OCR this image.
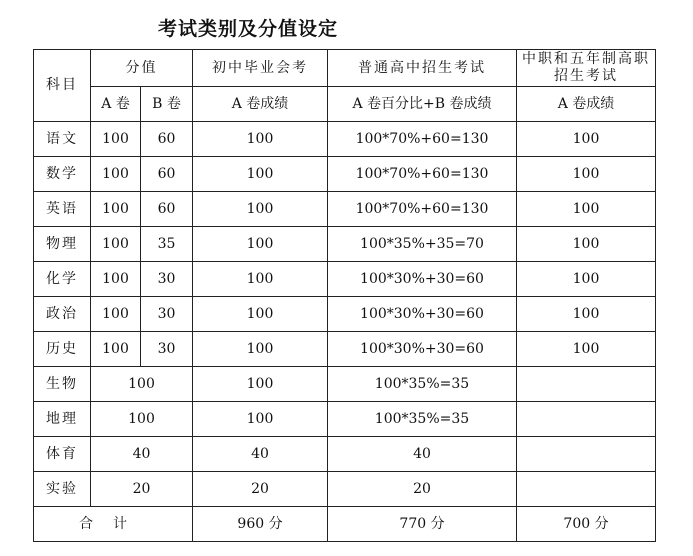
考试类别及分值设定
科目	分值		初中毕业会考	普通高中招生考试	中职和五年制高职招生考试
	A 卷	B 卷	A 卷成绩	A 卷百分比+B 卷成绩	A 卷成绩
语文	100	60	100	100*70%+60=130	100
数学	100	60	100	100*70%+60=130	100
英语	100	60	100	100*70%+60=130	100
物理	100	35	100	100*35%+35=70	100
化学	100	30	100	100*30%+30=60	100
政治	100	30	100	100*30%+30=60	100
历史	100	30	100	100*30%+30=60	100
生物	100		100	100*35%=35	
地理	100		100	100*35%=35	
体育	40		40	40	
实验	20		20	20	
合计			960 分	770 分	700 分
